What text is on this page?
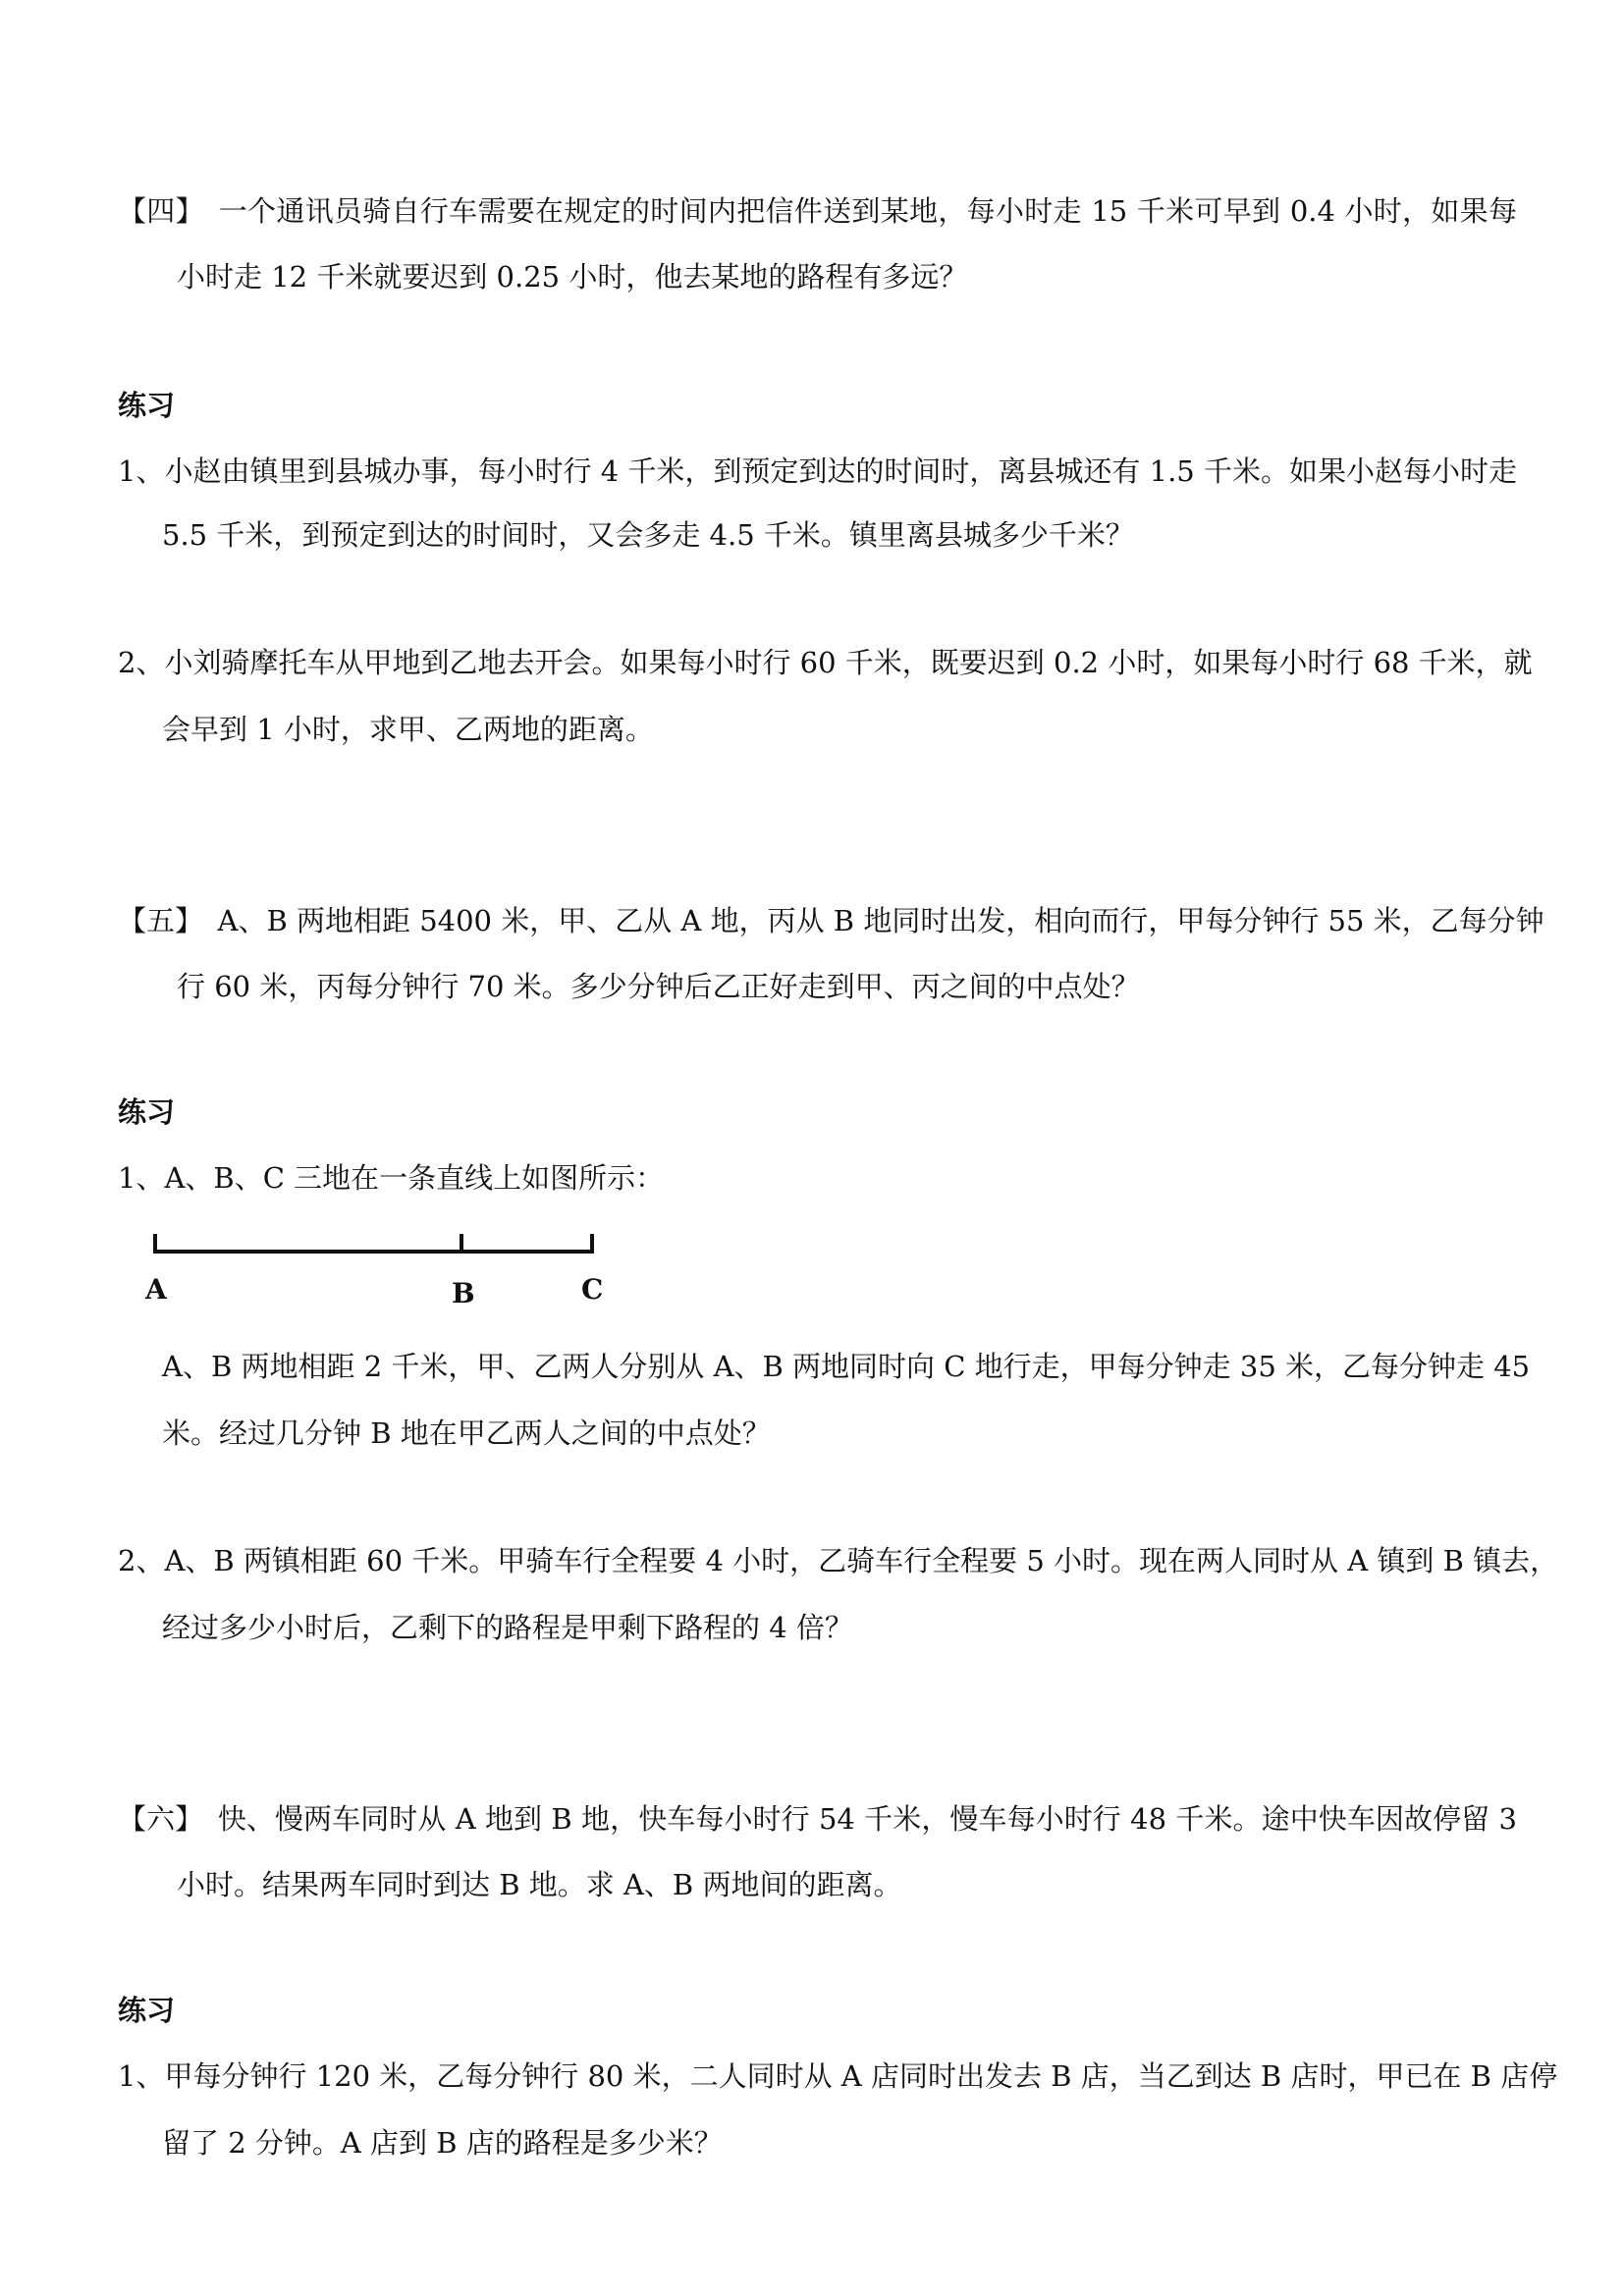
【四】　一个通讯员骑自行车需要在规定的时间内把信件送到某地，每小时走 15 千米可早到 0.4 小时，如果每
小时走 12 千米就要迟到 0.25 小时，他去某地的路程有多远？
练习
1、小赵由镇里到县城办事，每小时行 4 千米，到预定到达的时间时，离县城还有 1.5 千米。如果小赵每小时走
5.5 千米，到预定到达的时间时，又会多走 4.5 千米。镇里离县城多少千米？
2、小刘骑摩托车从甲地到乙地去开会。如果每小时行 60 千米，既要迟到 0.2 小时，如果每小时行 68 千米，就
会早到 1 小时，求甲、乙两地的距离。
【五】　A、B 两地相距 5400 米，甲、乙从 A 地，丙从 B 地同时出发，相向而行，甲每分钟行 55 米，乙每分钟
行 60 米，丙每分钟行 70 米。多少分钟后乙正好走到甲、丙之间的中点处？
练习
1、A、B、C 三地在一条直线上如图所示：
A	B	C
A、B 两地相距 2 千米，甲、乙两人分别从 A、B 两地同时向 C 地行走，甲每分钟走 35 米，乙每分钟走 45
米。经过几分钟 B 地在甲乙两人之间的中点处？
2、A、B 两镇相距 60 千米。甲骑车行全程要 4 小时，乙骑车行全程要 5 小时。现在两人同时从 A 镇到 B 镇去，
经过多少小时后，乙剩下的路程是甲剩下路程的 4 倍？
【六】　快、慢两车同时从 A 地到 B 地，快车每小时行 54 千米，慢车每小时行 48 千米。途中快车因故停留 3
小时。结果两车同时到达 B 地。求 A、B 两地间的距离。
练习
1、甲每分钟行 120 米，乙每分钟行 80 米，二人同时从 A 店同时出发去 B 店，当乙到达 B 店时，甲已在 B 店停
留了 2 分钟。A 店到 B 店的路程是多少米？
